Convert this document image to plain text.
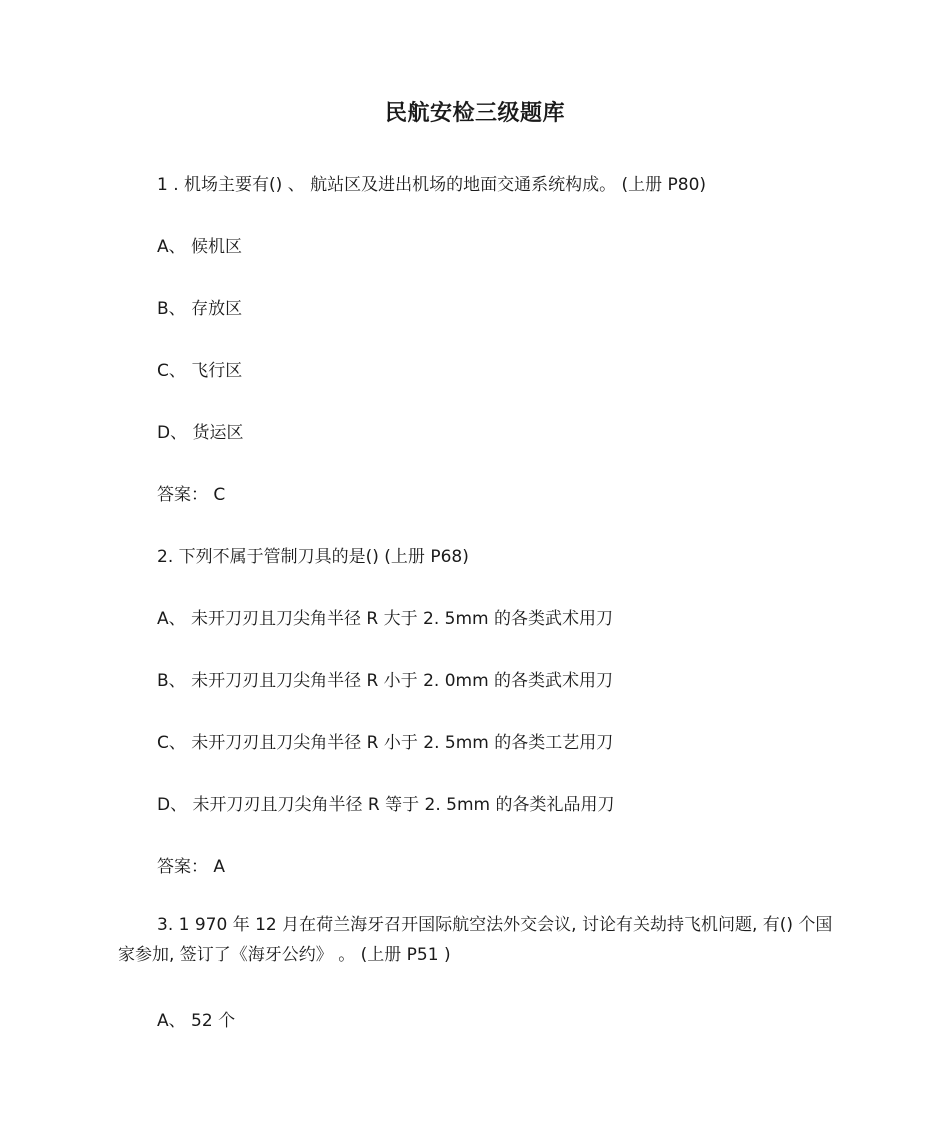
民航安检三级题库
1 . 机场主要有() 、 航站区及进出机场的地面交通系统构成。 (上册 P80)
A、 候机区
B、 存放区
C、 飞行区
D、 货运区
答案： C
2. 下列不属于管制刀具的是() (上册 P68)
A、 未开刀刃且刀尖角半径 R 大于 2. 5mm 的各类武术用刀
B、 未开刀刃且刀尖角半径 R 小于 2. 0mm 的各类武术用刀
C、 未开刀刃且刀尖角半径 R 小于 2. 5mm 的各类工艺用刀
D、 未开刀刃且刀尖角半径 R 等于 2. 5mm 的各类礼品用刀
答案： A
3. 1 970 年 12 月在荷兰海牙召开国际航空法外交会议, 讨论有关劫持飞机问题, 有() 个国家参加, 签订了《海牙公约》 。 (上册 P51 )
A、 52 个
